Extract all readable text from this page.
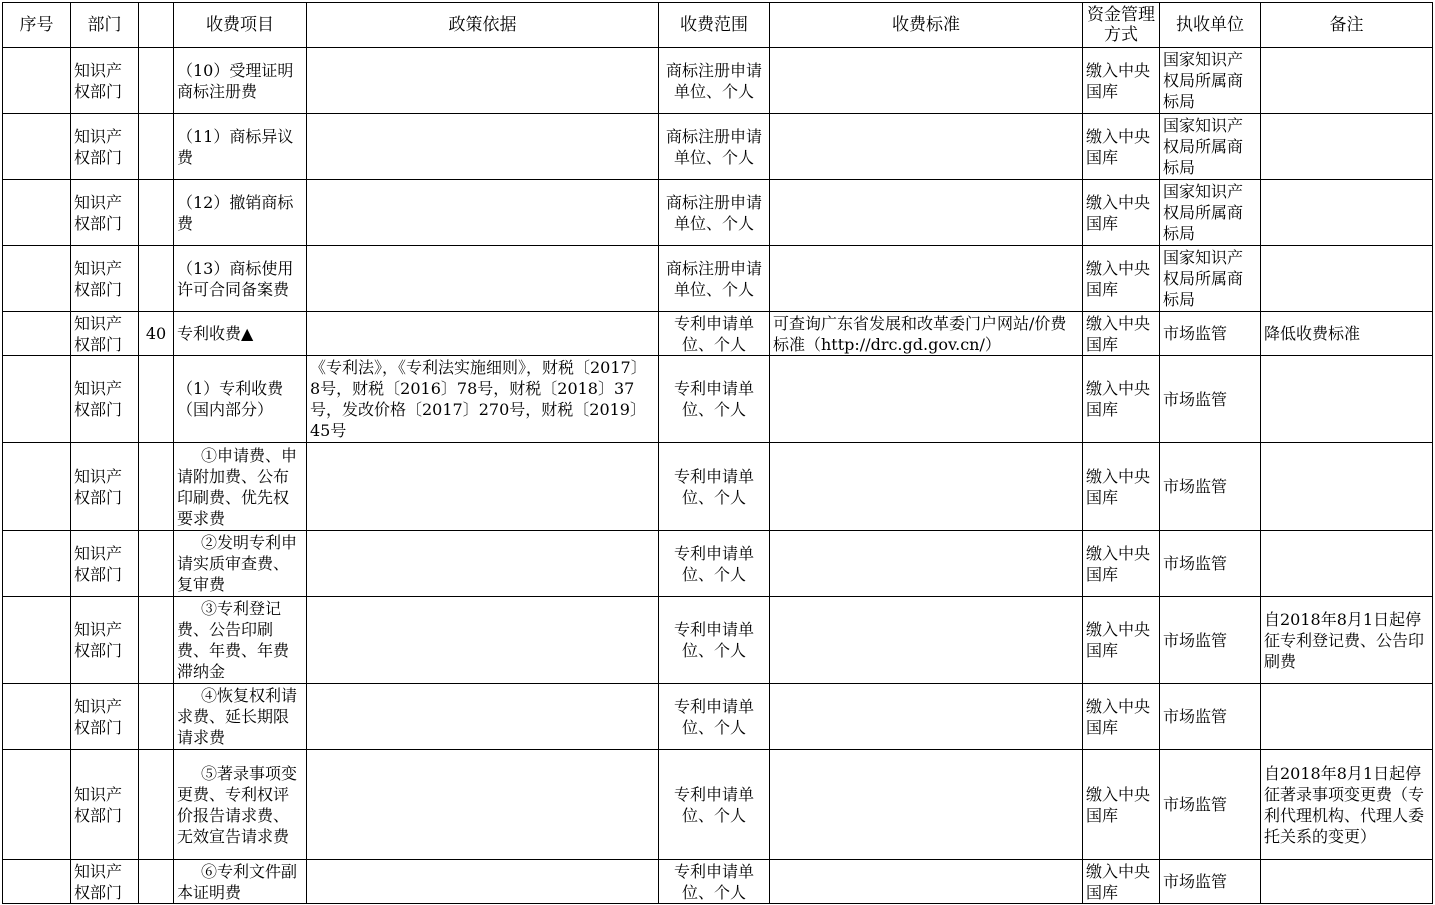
序号	部门		收费项目	政策依据	收费范围	收费标准	资金管理方式	执收单位	备注
	知识产权部门		（10）受理证明商标注册费		商标注册申请单位、个人		缴入中央国库	国家知识产权局所属商标局	
	知识产权部门		（11）商标异议费		商标注册申请单位、个人		缴入中央国库	国家知识产权局所属商标局	
	知识产权部门		（12）撤销商标费		商标注册申请单位、个人		缴入中央国库	国家知识产权局所属商标局	
	知识产权部门		（13）商标使用许可合同备案费		商标注册申请单位、个人		缴入中央国库	国家知识产权局所属商标局	
	知识产权部门	40	专利收费▲		专利申请单位、个人	可查询广东省发展和改革委门户网站/价费标准（http://drc.gd.gov.cn/）	缴入中央国库	市场监管	降低收费标准
	知识产权部门		（1）专利收费（国内部分）	《专利法》，《专利法实施细则》，财税〔2017〕8号，财税〔2016〕78号，财税〔2018〕37号，发改价格〔2017〕270号，财税〔2019〕45号	专利申请单位、个人		缴入中央国库	市场监管	
	知识产权部门		①申请费、申请附加费、公布印刷费、优先权要求费		专利申请单位、个人		缴入中央国库	市场监管	
	知识产权部门		②发明专利申请实质审查费、复审费		专利申请单位、个人		缴入中央国库	市场监管	
	知识产权部门		③专利登记费、公告印刷费、年费、年费滞纳金		专利申请单位、个人		缴入中央国库	市场监管	自2018年8月1日起停征专利登记费、公告印刷费
	知识产权部门		④恢复权利请求费、延长期限请求费		专利申请单位、个人		缴入中央国库	市场监管	
	知识产权部门		⑤著录事项变更费、专利权评价报告请求费、无效宣告请求费		专利申请单位、个人		缴入中央国库	市场监管	自2018年8月1日起停征著录事项变更费（专利代理机构、代理人委托关系的变更）
	知识产权部门		⑥专利文件副本证明费		专利申请单位、个人		缴入中央国库	市场监管	
